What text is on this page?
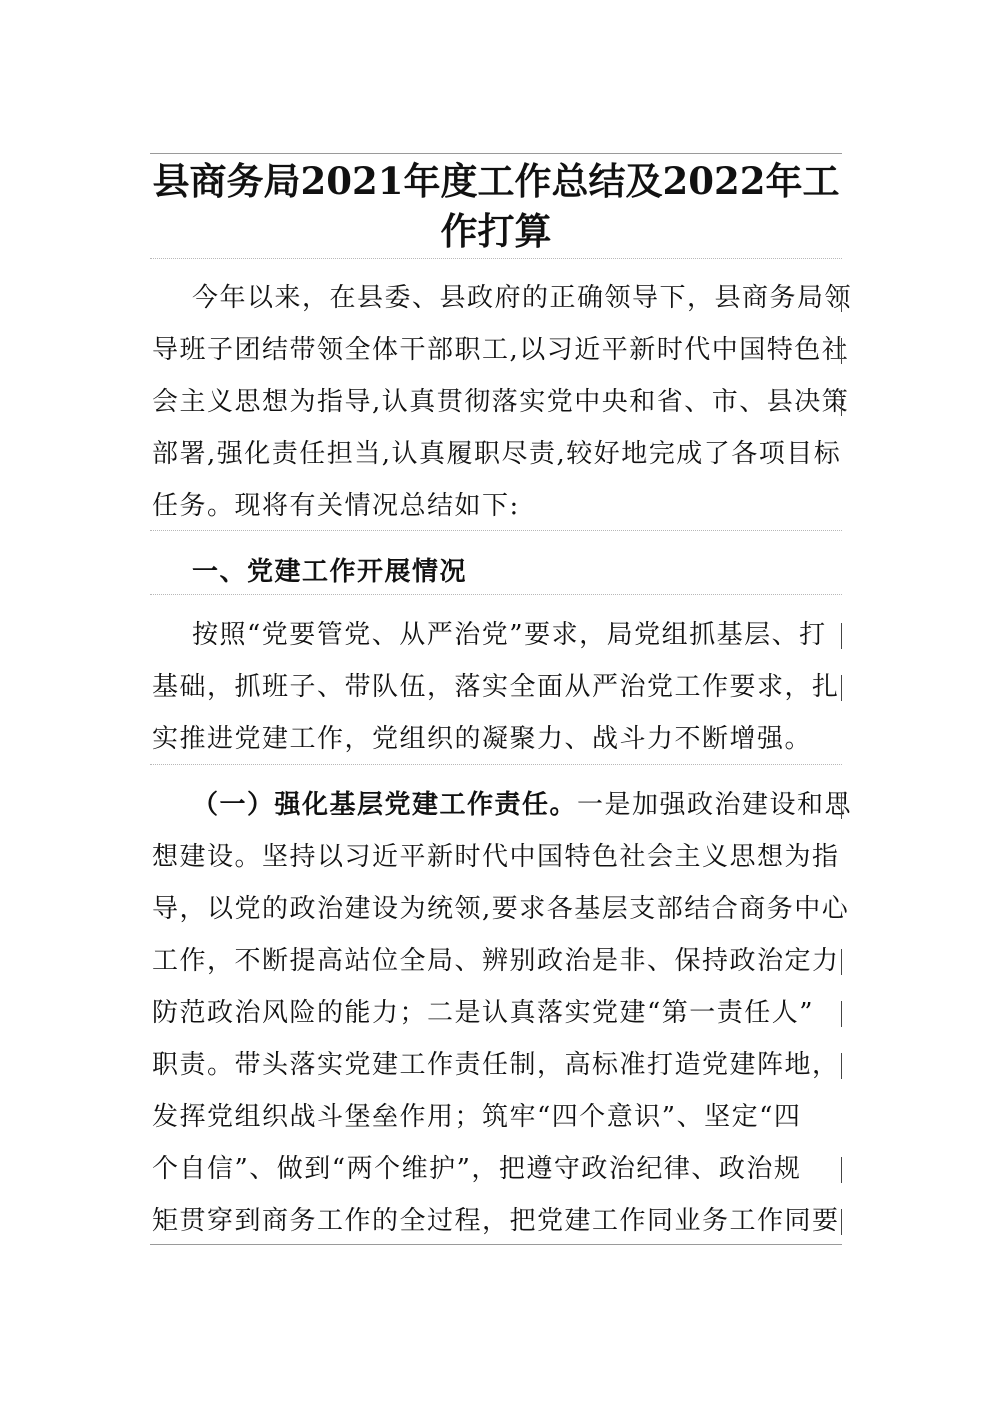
县商务局2021年度工作总结及2022年工
作打算
今年以来，在县委、县政府的正确领导下，县商务局领
导班子团结带领全体干部职工,以习近平新时代中国特色社
会主义思想为指导,认真贯彻落实党中央和省、市、县决策
部署,强化责任担当,认真履职尽责,较好地完成了各项目标
任务。现将有关情况总结如下:
一、党建工作开展情况
按照“党要管党、从严治党”要求，局党组抓基层、打
基础，抓班子、带队伍，落实全面从严治党工作要求，扎
实推进党建工作，党组织的凝聚力、战斗力不断增强。
（一）强化基层党建工作责任。一是加强政治建设和思
想建设。坚持以习近平新时代中国特色社会主义思想为指
导，以党的政治建设为统领,要求各基层支部结合商务中心
工作，不断提高站位全局、辨别政治是非、保持政治定力
防范政治风险的能力；二是认真落实党建“第一责任人”
职责。带头落实党建工作责任制，高标准打造党建阵地，
发挥党组织战斗堡垒作用；筑牢“四个意识”、坚定“四
个自信”、做到“两个维护”，把遵守政治纪律、政治规
矩贯穿到商务工作的全过程，把党建工作同业务工作同要
